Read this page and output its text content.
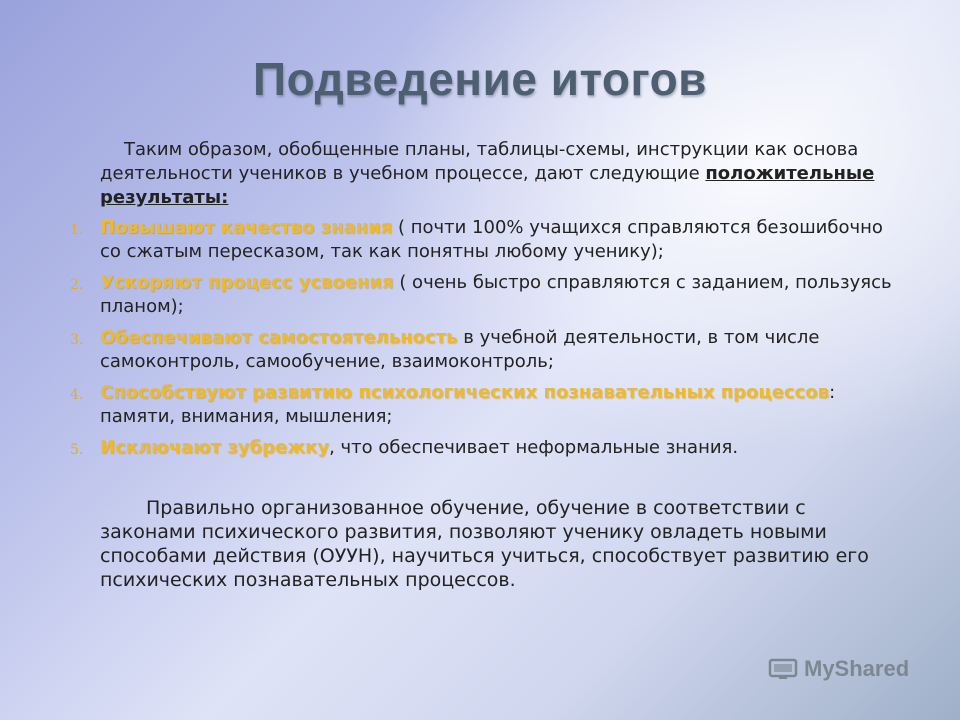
Подведение итогов

Таким образом, обобщенные планы, таблицы-схемы, инструкции как основа деятельности учеников в учебном процессе, дают следующие положительные результаты:

1. Повышают качество знания ( почти 100% учащихся справляются безошибочно со сжатым пересказом, так как понятны любому ученику);
2. Ускоряют процесс усвоения ( очень быстро справляются с заданием, пользуясь планом);
3. Обеспечивают самостоятельность в учебной деятельности, в том числе самоконтроль, самообучение, взаимоконтроль;
4. Способствуют развитию психологических познавательных процессов: памяти, внимания, мышления;
5. Исключают зубрежку, что обеспечивает неформальные знания.

Правильно организованное обучение, обучение в соответствии с законами психического развития, позволяют ученику овладеть новыми способами действия (ОУУН), научиться учиться, способствует развитию его психических познавательных процессов.

MyShared
